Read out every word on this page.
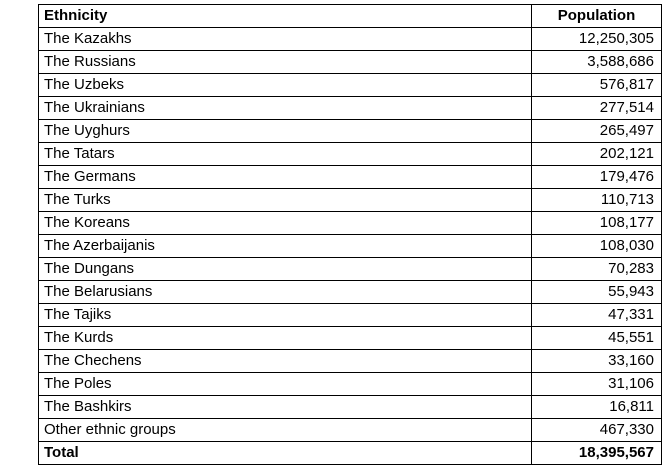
Ethnicity	Population
The Kazakhs	12,250,305
The Russians	3,588,686
The Uzbeks	576,817
The Ukrainians	277,514
The Uyghurs	265,497
The Tatars	202,121
The Germans	179,476
The Turks	110,713
The Koreans	108,177
The Azerbaijanis	108,030
The Dungans	70,283
The Belarusians	55,943
The Tajiks	47,331
The Kurds	45,551
The Chechens	33,160
The Poles	31,106
The Bashkirs	16,811
Other ethnic groups	467,330
Total	18,395,567
